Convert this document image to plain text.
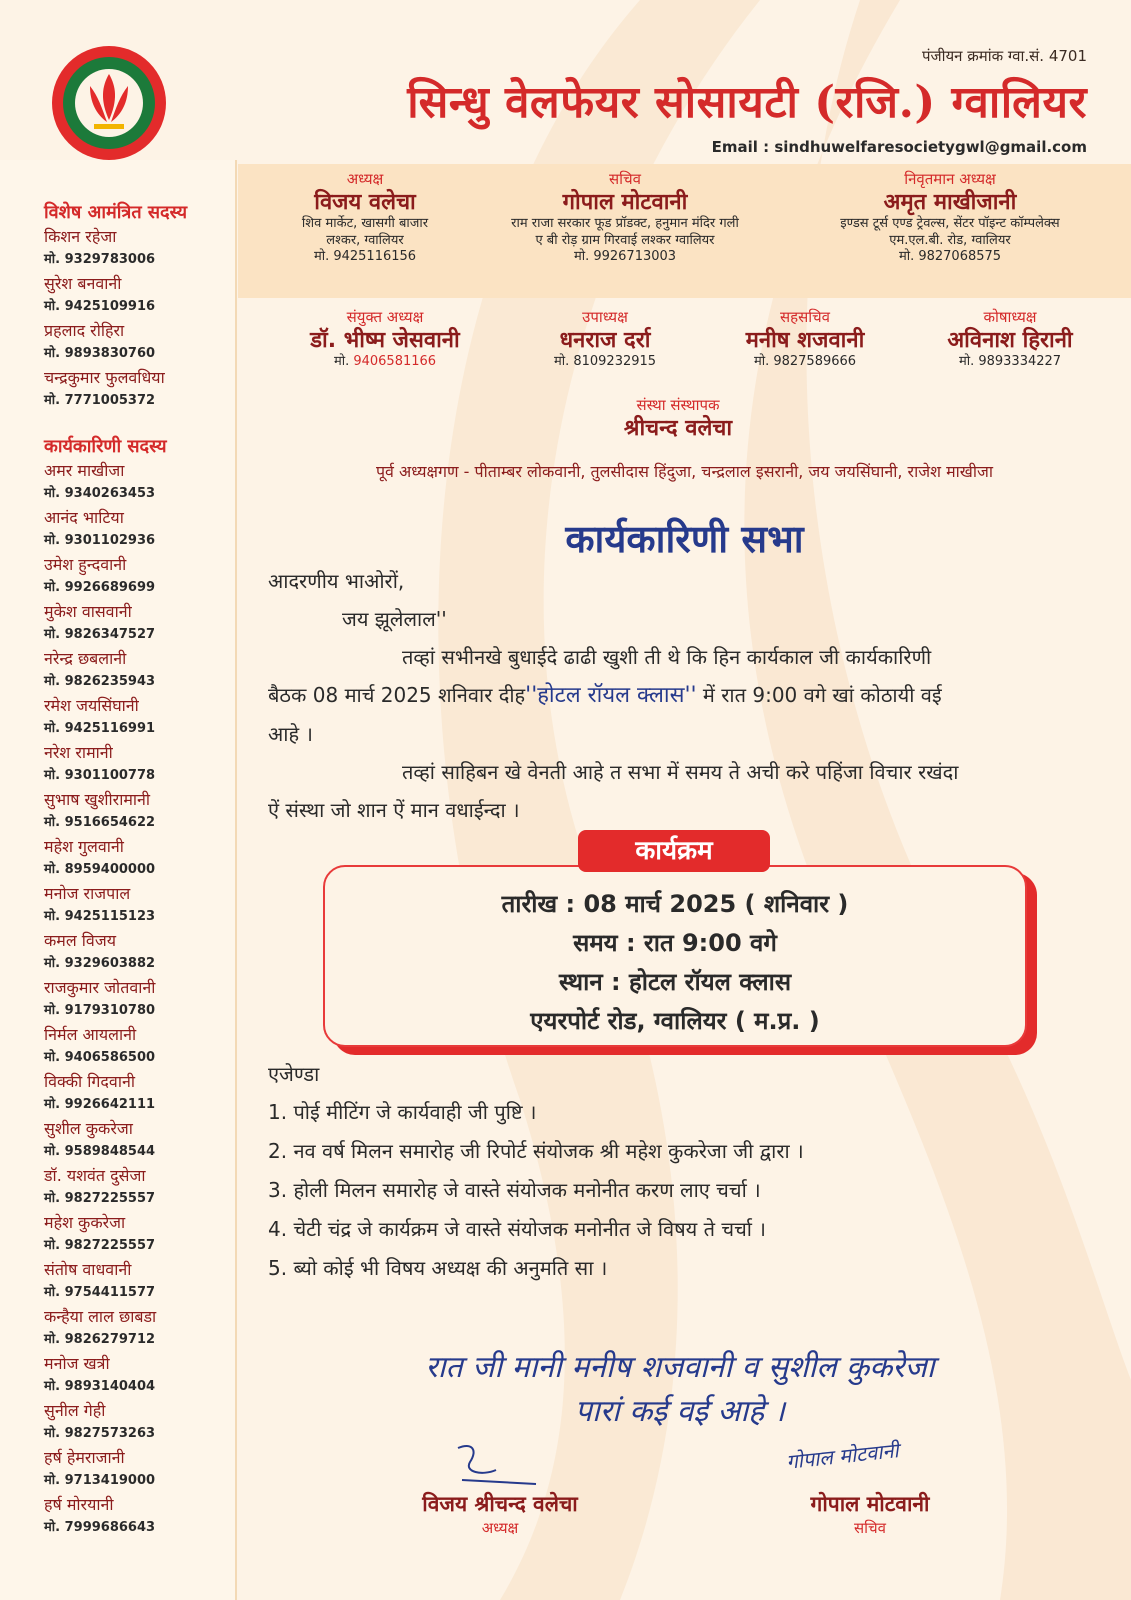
पंजीयन क्रमांक ग्वा.सं. 4701
सिन्धु वेलफेयर सोसायटी (रजि.) ग्वालियर
Email : sindhuwelfaresocietygwl@gmail.com
अध्यक्ष
विजय वलेचा
शिव मार्केट, खासगी बाजार
लश्कर, ग्वालियर
मो. 9425116156
सचिव
गोपाल मोटवानी
राम राजा सरकार फूड प्रॉडक्ट, हनुमान मंदिर गली
ए बी रोड़ ग्राम गिरवाई लश्कर ग्वालियर
मो. 9926713003
निवृतमान अध्यक्ष
अमृत माखीजानी
इण्डस टूर्स एण्ड ट्रेवल्स, सेंटर पॉइन्ट कॉम्पलेक्स
एम.एल.बी. रोड, ग्वालियर
मो. 9827068575
संयुक्त अध्यक्ष
डॉ. भीष्म जेसवानी
मो. 9406581166
उपाध्यक्ष
धनराज दर्रा
मो. 8109232915
सहसचिव
मनीष शजवानी
मो. 9827589666
कोषाध्यक्ष
अविनाश हिरानी
मो. 9893334227
संस्था संस्थापक
श्रीचन्द वलेचा
पूर्व अध्यक्षगण - पीताम्बर लोकवानी, तुलसीदास हिंदुजा, चन्द्रलाल इसरानी, जय जयसिंघानी, राजेश माखीजा
विशेष आमंत्रित सदस्य
किशन रहेजा
मो. 9329783006
सुरेश बनवानी
मो. 9425109916
प्रहलाद रोहिरा
मो. 9893830760
चन्द्रकुमार फुलवधिया
मो. 7771005372
कार्यकारिणी सदस्य
अमर माखीजा
मो. 9340263453
आनंद भाटिया
मो. 9301102936
उमेश हुन्दवानी
मो. 9926689699
मुकेश वासवानी
मो. 9826347527
नरेन्द्र छबलानी
मो. 9826235943
रमेश जयसिंघानी
मो. 9425116991
नरेश रामानी
मो. 9301100778
सुभाष खुशीरामानी
मो. 9516654622
महेश गुलवानी
मो. 8959400000
मनोज राजपाल
मो. 9425115123
कमल विजय
मो. 9329603882
राजकुमार जोतवानी
मो. 9179310780
निर्मल आयलानी
मो. 9406586500
विक्की गिदवानी
मो. 9926642111
सुशील कुकरेजा
मो. 9589848544
डॉ. यशवंत दुसेजा
मो. 9827225557
महेश कुकरेजा
मो. 9827225557
संतोष वाधवानी
मो. 9754411577
कन्हैया लाल छाबडा
मो. 9826279712
मनोज खत्री
मो. 9893140404
सुनील गेही
मो. 9827573263
हर्ष हेमराजानी
मो. 9713419000
हर्ष मोरयानी
मो. 7999686643
कार्यकारिणी सभा
आदरणीय भाओरों,
जय झूलेलाल''
तव्हां सभीनखे बुधाईदे ढाढी खुशी ती थे कि हिन कार्यकाल जी कार्यकारिणी
बैठक 08 मार्च 2025 शनिवार दीह''होटल रॉयल क्लास'' में रात 9:00 वगे खां कोठायी वई
आहे ।
तव्हां साहिबन खे वेनती आहे त सभा में समय ते अची करे पहिंजा विचार रखंदा
ऐं संस्था जो शान ऐं मान वधाईन्दा ।
कार्यक्रम
तारीख : 08 मार्च 2025 ( शनिवार )
समय : रात 9:00 वगे
स्थान : होटल रॉयल क्लास
एयरपोर्ट रोड, ग्वालियर ( म.प्र. )
एजेण्डा
1. पोई मीटिंग जे कार्यवाही जी पुष्टि ।
2. नव वर्ष मिलन समारोह जी रिपोर्ट संयोजक श्री महेश कुकरेजा जी द्वारा ।
3. होली मिलन समारोह जे वास्ते संयोजक मनोनीत करण लाए चर्चा ।
4. चेटी चंद्र जे कार्यक्रम जे वास्ते संयोजक मनोनीत जे विषय ते चर्चा ।
5. ब्यो कोई भी विषय अध्यक्ष की अनुमति सा ।
रात जी मानी मनीष शजवानी व सुशील कुकरेजा
पारां कई वई आहे ।
विजय श्रीचन्द वलेचा
अध्यक्ष
गोपाल मोटवानी
गोपाल मोटवानी
सचिव
